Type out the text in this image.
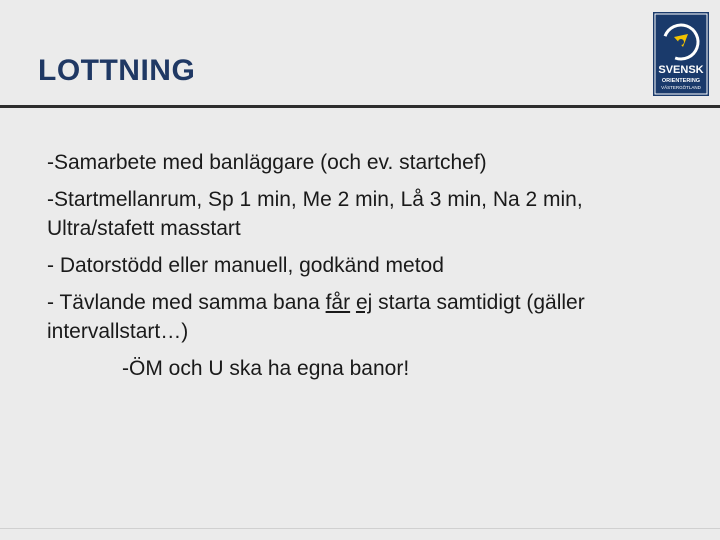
LOTTNING	SVENSK
ORIENTERING
VÄSTERGÖTLAND
-Samarbete med banläggare (och ev. startchef)
-Startmellanrum, Sp 1 min, Me 2 min, Lå 3 min, Na 2 min, Ultra/stafett masstart
- Datorstödd eller manuell, godkänd metod
- Tävlande med samma bana får ej starta samtidigt (gäller intervallstart…)
-ÖM och U ska ha egna banor!
